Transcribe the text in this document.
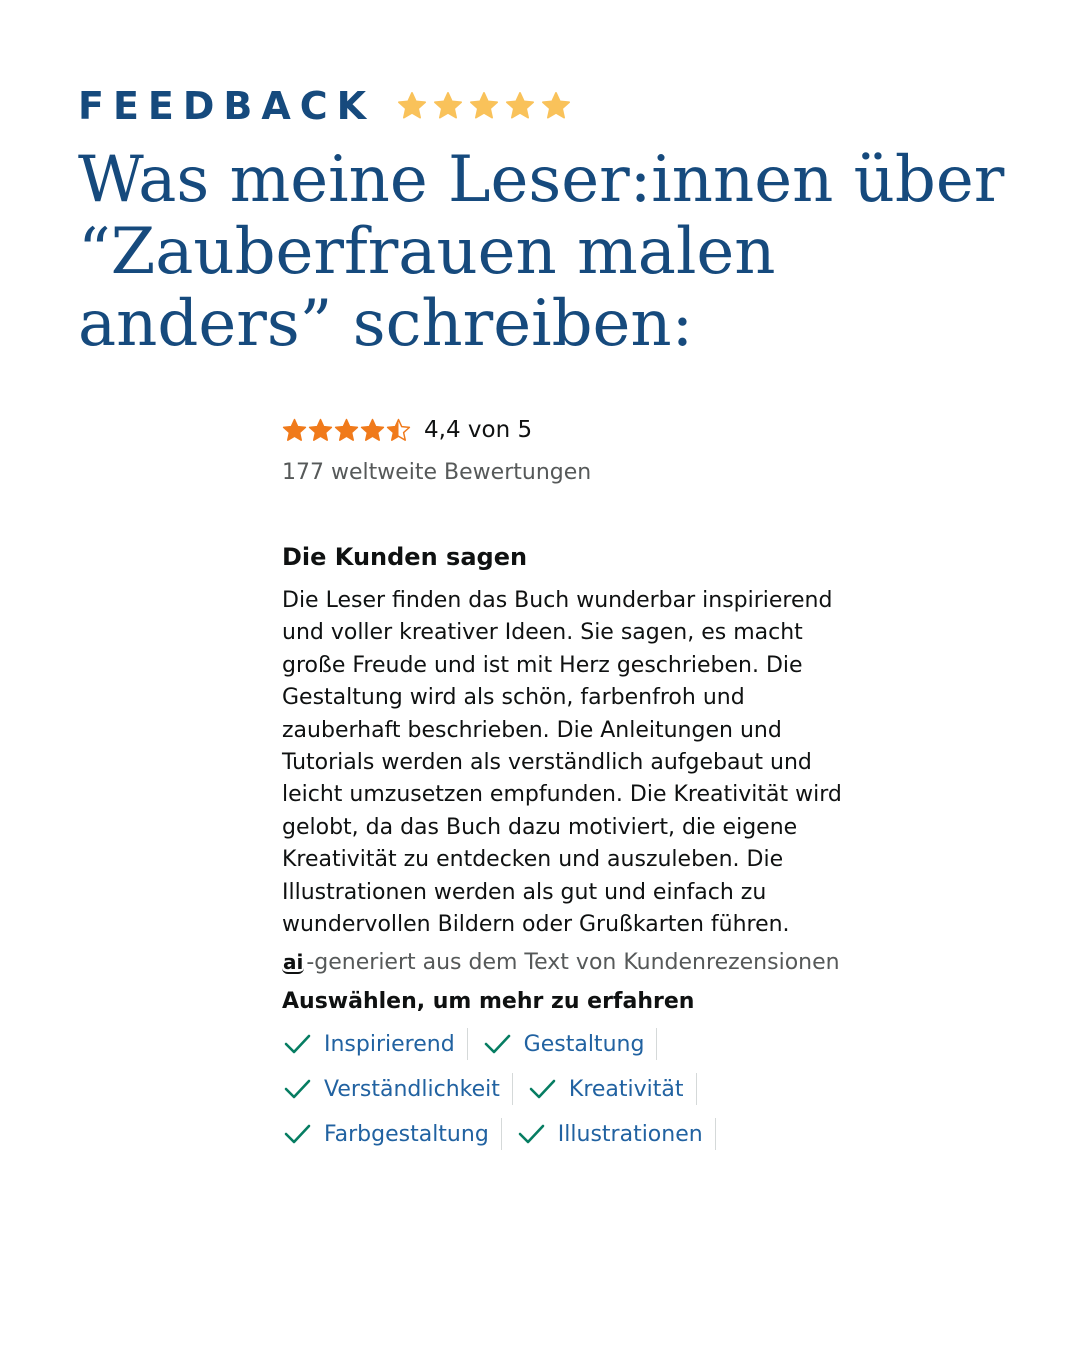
FEEDBACK
Was meine Leser:innen über “Zauberfrauen malen anders” schreiben:
4,4 von 5
177 weltweite Bewertungen
Die Kunden sagen
Die Leser finden das Buch wunderbar inspirierend und voller kreativer Ideen. Sie sagen, es macht große Freude und ist mit Herz geschrieben. Die Gestaltung wird als schön, farbenfroh und zauberhaft beschrieben. Die Anleitungen und Tutorials werden als verständlich aufgebaut und leicht umzusetzen empfunden. Die Kreativität wird gelobt, da das Buch dazu motiviert, die eigene Kreativität zu entdecken und auszuleben. Die Illustrationen werden als gut und einfach zu wundervollen Bildern oder Grußkarten führen.
ai -generiert aus dem Text von Kundenrezensionen
Auswählen, um mehr zu erfahren
Inspirierend	Gestaltung
Verständlichkeit	Kreativität
Farbgestaltung	Illustrationen
